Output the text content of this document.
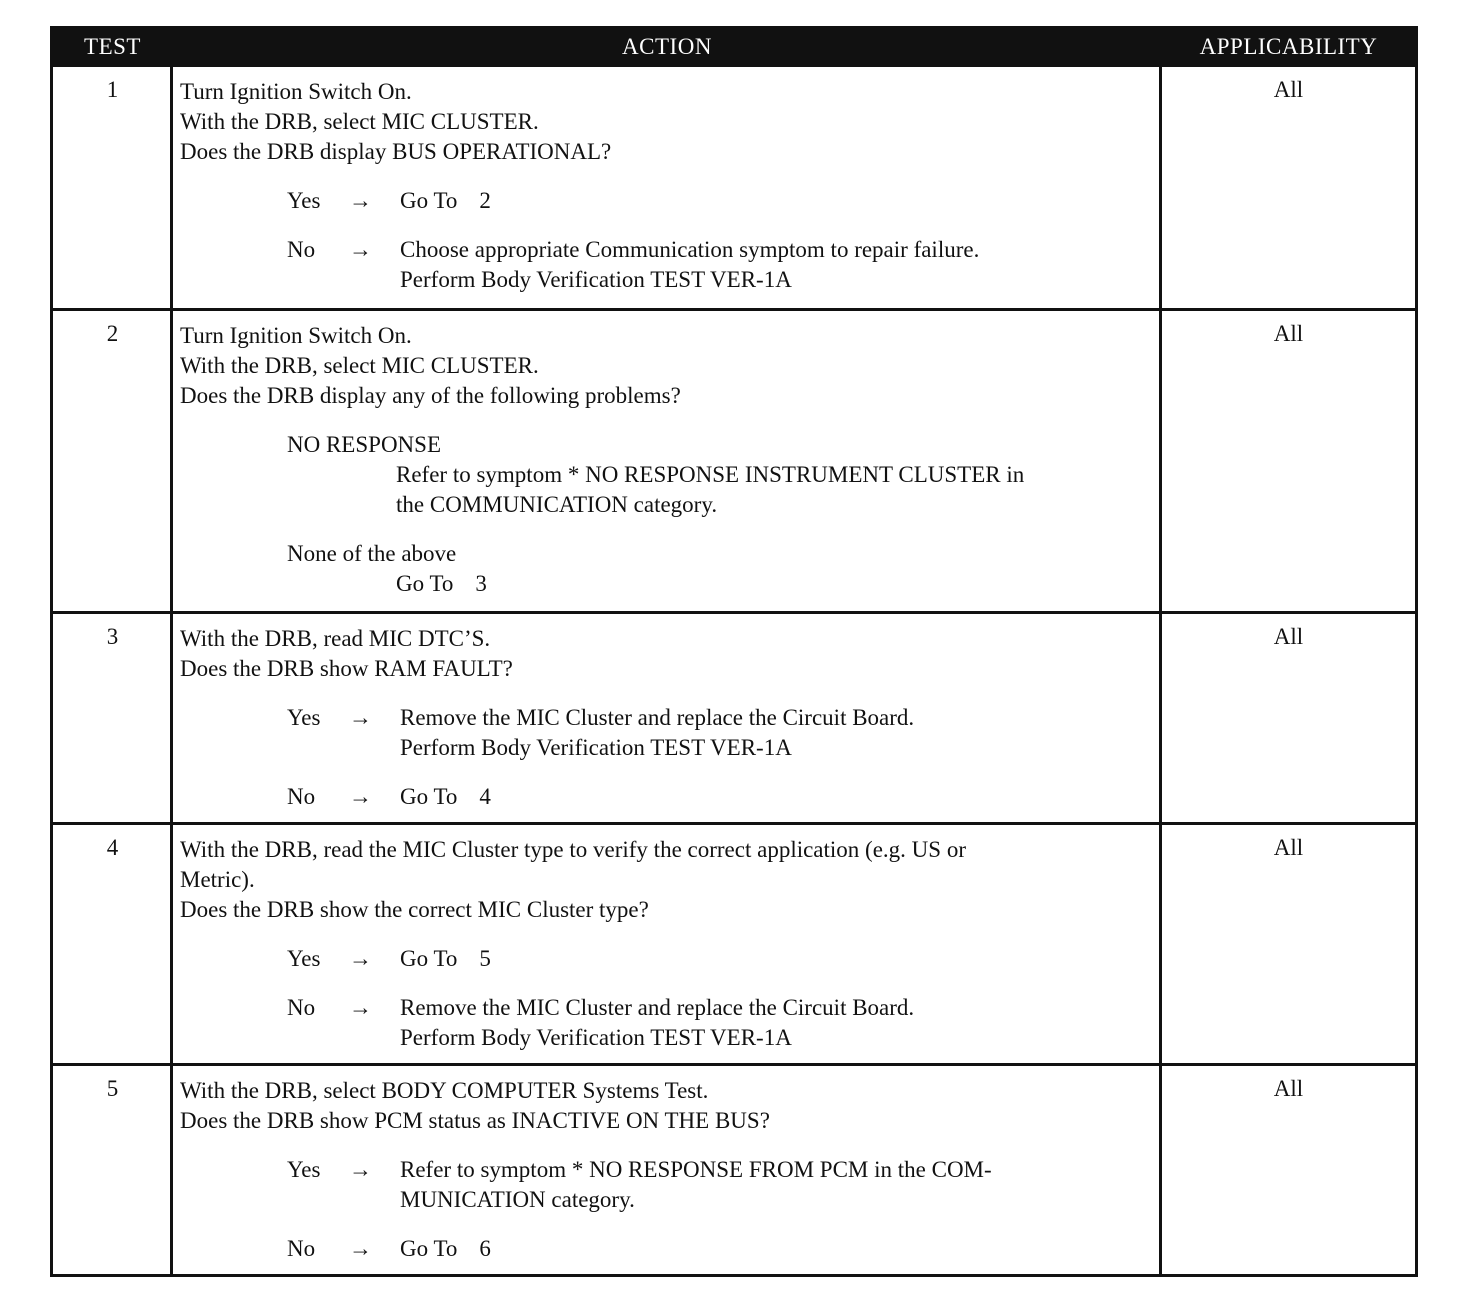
TEST	ACTION	APPLICABILITY
1	Turn Ignition Switch On.
With the DRB, select MIC CLUSTER.
Does the DRB display BUS OPERATIONAL?
Yes → Go To 2
No → Choose appropriate Communication symptom to repair failure.
Perform Body Verification TEST VER-1A
All
2	Turn Ignition Switch On.
With the DRB, select MIC CLUSTER.
Does the DRB display any of the following problems?
NO RESPONSE
Refer to symptom * NO RESPONSE INSTRUMENT CLUSTER in
the COMMUNICATION category.
None of the above
Go To 3
All
3	With the DRB, read MIC DTC’S.
Does the DRB show RAM FAULT?
Yes → Remove the MIC Cluster and replace the Circuit Board.
Perform Body Verification TEST VER-1A
No → Go To 4
All
4	With the DRB, read the MIC Cluster type to verify the correct application (e.g. US or
Metric).
Does the DRB show the correct MIC Cluster type?
Yes → Go To 5
No → Remove the MIC Cluster and replace the Circuit Board.
Perform Body Verification TEST VER-1A
All
5	With the DRB, select BODY COMPUTER Systems Test.
Does the DRB show PCM status as INACTIVE ON THE BUS?
Yes → Refer to symptom * NO RESPONSE FROM PCM in the COM-
MUNICATION category.
No → Go To 6
All
